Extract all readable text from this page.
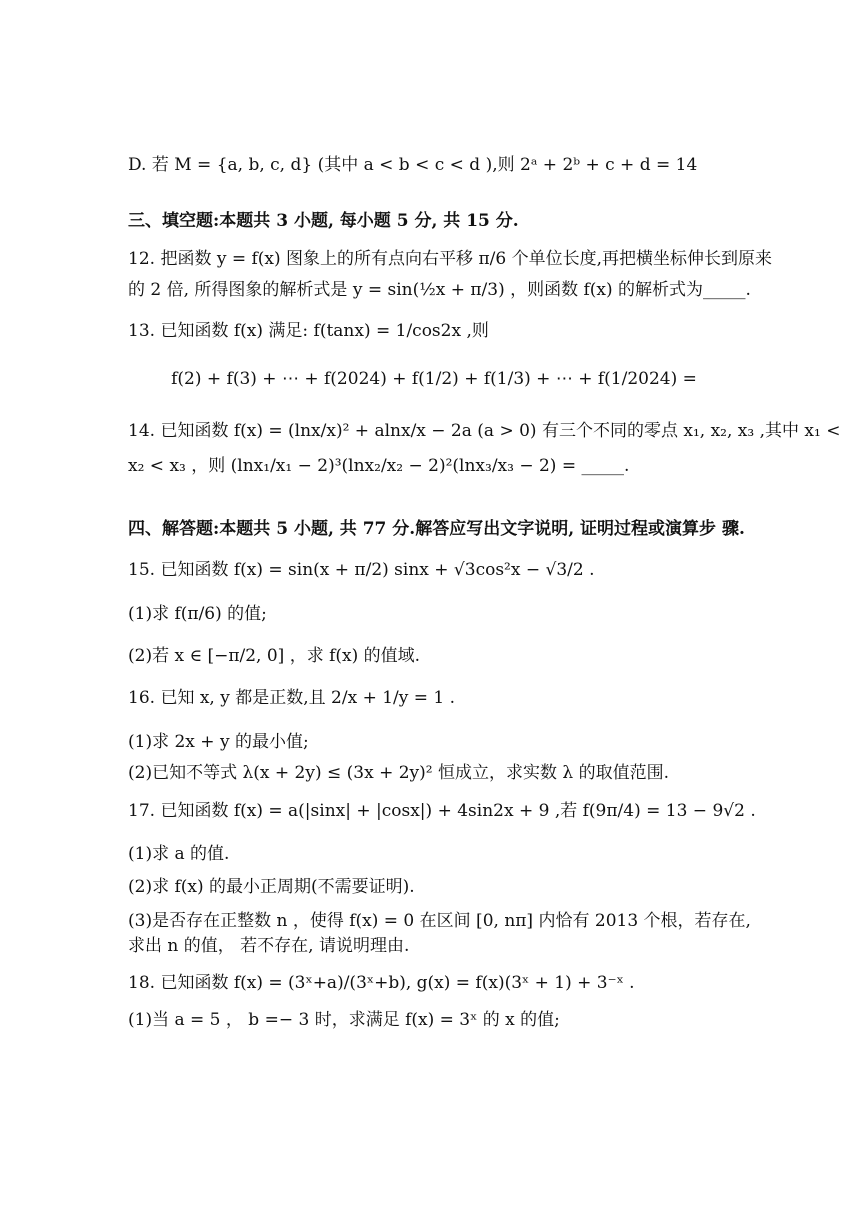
D. 若 M = {a, b, c, d} (其中 a < b < c < d ),则 2ᵃ + 2ᵇ + c + d = 14
三、填空题:本题共 3 小题, 每小题 5 分, 共 15 分.
12. 把函数 y = f(x) 图象上的所有点向右平移 π/6 个单位长度,再把横坐标伸长到原来
的 2 倍, 所得图象的解析式是 y = sin(½x + π/3) ，则函数 f(x) 的解析式为_____.
13. 已知函数 f(x) 满足: f(tanx) = 1/cos2x ,则
f(2) + f(3) + ⋯ + f(2024) + f(1/2) + f(1/3) + ⋯ + f(1/2024) =
14. 已知函数 f(x) = (lnx/x)² + alnx/x − 2a (a > 0) 有三个不同的零点 x₁, x₂, x₃ ,其中 x₁ <
x₂ < x₃ ，则 (lnx₁/x₁ − 2)³(lnx₂/x₂ − 2)²(lnx₃/x₃ − 2) = _____.
四、解答题:本题共 5 小题, 共 77 分.解答应写出文字说明, 证明过程或演算步 骤.
15. 已知函数 f(x) = sin(x + π/2) sinx + √3cos²x − √3/2 .
(1)求 f(π/6) 的值;
(2)若 x ∈ [−π/2, 0] ，求 f(x) 的值域.
16. 已知 x, y 都是正数,且 2/x + 1/y = 1 .
(1)求 2x + y 的最小值;
(2)已知不等式 λ(x + 2y) ≤ (3x + 2y)² 恒成立，求实数 λ 的取值范围.
17. 已知函数 f(x) = a(|sinx| + |cosx|) + 4sin2x + 9 ,若 f(9π/4) = 13 − 9√2 .
(1)求 a 的值.
(2)求 f(x) 的最小正周期(不需要证明).
(3)是否存在正整数 n ，使得 f(x) = 0 在区间 [0, nπ] 内恰有 2013 个根，若存在,
求出 n 的值， 若不存在, 请说明理由.
18. 已知函数 f(x) = (3ˣ+a)/(3ˣ+b), g(x) = f(x)(3ˣ + 1) + 3⁻ˣ .
(1)当 a = 5 ， b =− 3 时，求满足 f(x) = 3ˣ 的 x 的值;
